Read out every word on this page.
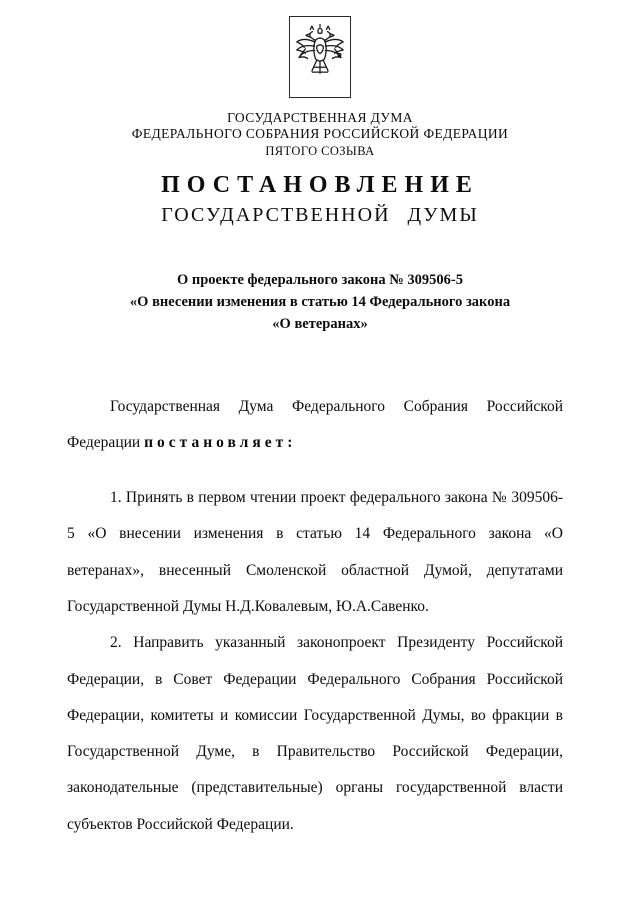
ГОСУДАРСТВЕННАЯ ДУМА
ФЕДЕРАЛЬНОГО СОБРАНИЯ РОССИЙСКОЙ ФЕДЕРАЦИИ
ПЯТОГО СОЗЫВА
ПОСТАНОВЛЕНИЕ
ГОСУДАРСТВЕННОЙ ДУМЫ
О проекте федерального закона № 309506-5
«О внесении изменения в статью 14 Федерального закона
«О ветеранах»

Государственная Дума Федерального Собрания Российской Федерации постановляет:

1. Принять в первом чтении проект федерального закона № 309506-5 «О внесении изменения в статью 14 Федерального закона «О ветеранах», внесенный Смоленской областной Думой, депутатами Государственной Думы Н.Д.Ковалевым, Ю.А.Савенко.

2. Направить указанный законопроект Президенту Российской Федерации, в Совет Федерации Федерального Собрания Российской Федерации, комитеты и комиссии Государственной Думы, во фракции в Государственной Думе, в Правительство Российской Федерации, законодательные (представительные) органы государственной власти субъектов Российской Федерации.
